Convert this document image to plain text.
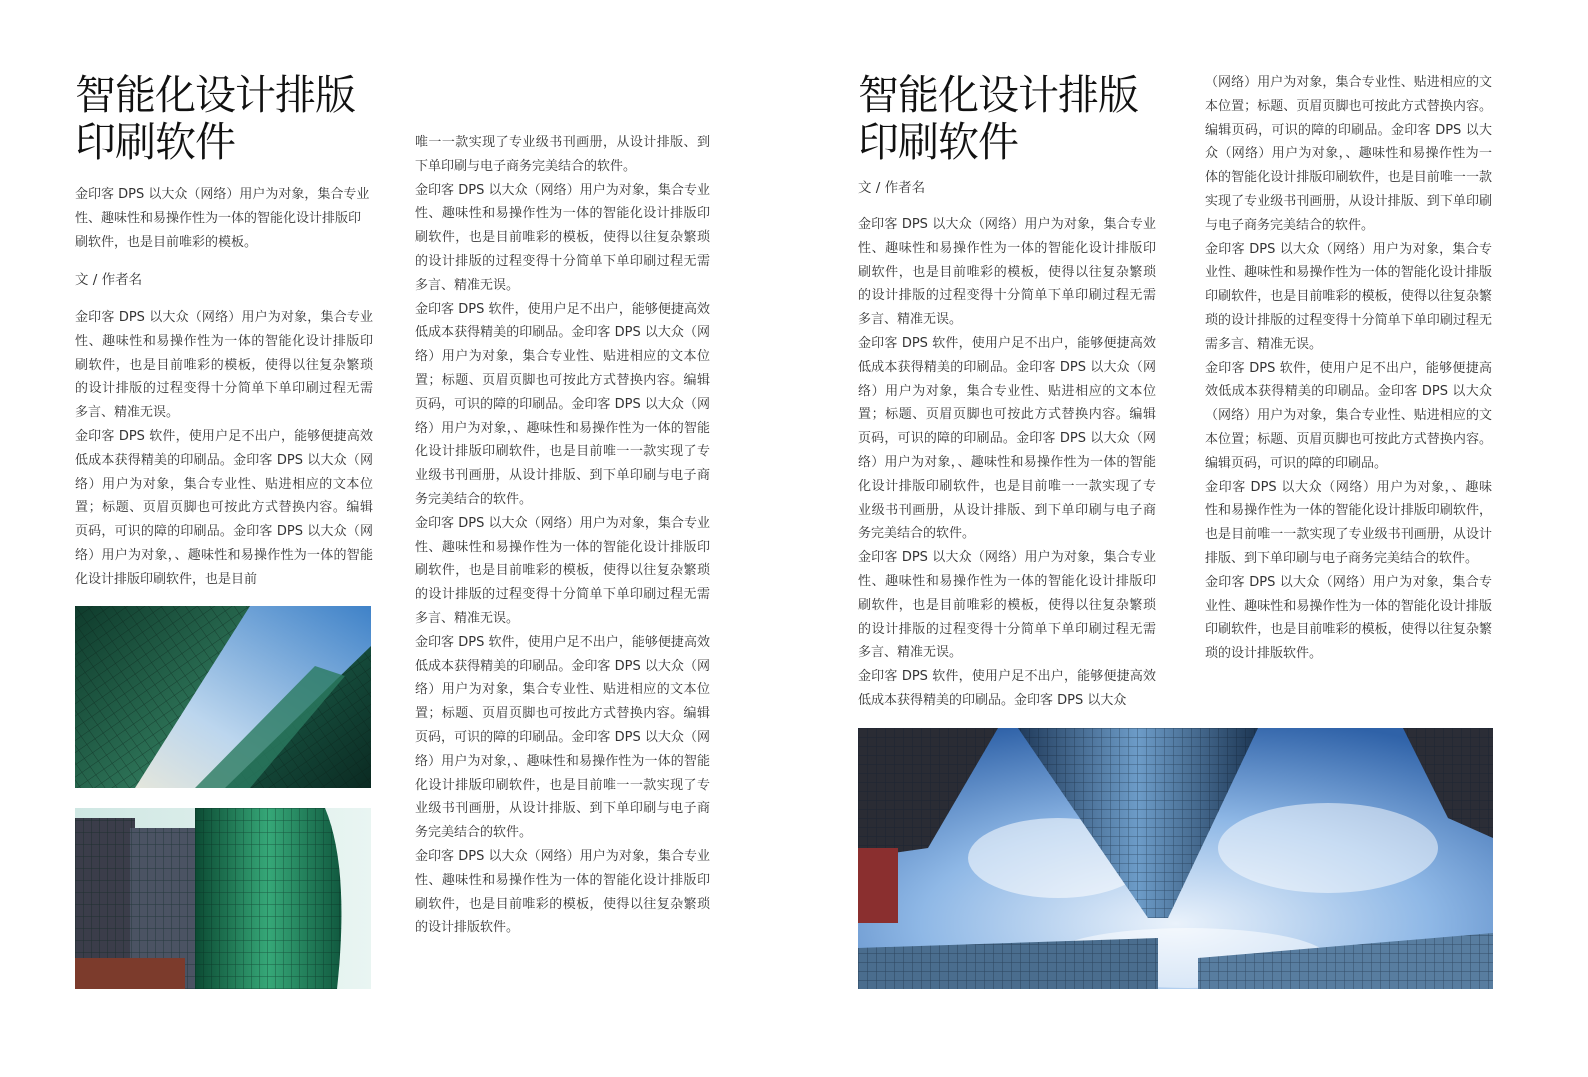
智能化设计排版
印刷软件
金印客 DPS 以大众（网络）用户为对象，集合专业性、趣味性和易操作性为一体的智能化设计排版印刷软件，也是目前唯彩的模板。
文 / 作者名

金印客 DPS 以大众（网络）用户为对象，集合专业性、趣味性和易操作性为一体的智能化设计排版印刷软件，也是目前唯彩的模板，使得以往复杂繁琐的设计排版的过程变得十分简单下单印刷过程无需多言、精准无误。

金印客 DPS 软件，使用户足不出户，能够便捷高效低成本获得精美的印刷品。金印客 DPS 以大众（网络）用户为对象，集合专业性、贴进相应的文本位置；标题、页眉页脚也可按此方式替换内容。编辑页码，可识的障的印刷品。金印客 DPS 以大众（网络）用户为对象，、趣味性和易操作性为一体的智能化设计排版印刷软件，也是目前

唯一一款实现了专业级书刊画册，从设计排版、到下单印刷与电子商务完美结合的软件。

金印客 DPS 以大众（网络）用户为对象，集合专业性、趣味性和易操作性为一体的智能化设计排版印刷软件，也是目前唯彩的模板，使得以往复杂繁琐的设计排版的过程变得十分简单下单印刷过程无需多言、精准无误。

金印客 DPS 软件，使用户足不出户，能够便捷高效低成本获得精美的印刷品。金印客 DPS 以大众（网络）用户为对象，集合专业性、贴进相应的文本位置；标题、页眉页脚也可按此方式替换内容。编辑页码，可识的障的印刷品。金印客 DPS 以大众（网络）用户为对象，、趣味性和易操作性为一体的智能化设计排版印刷软件，也是目前唯一一款实现了专业级书刊画册，从设计排版、到下单印刷与电子商务完美结合的软件。

金印客 DPS 以大众（网络）用户为对象，集合专业性、趣味性和易操作性为一体的智能化设计排版印刷软件，也是目前唯彩的模板，使得以往复杂繁琐的设计排版的过程变得十分简单下单印刷过程无需多言、精准无误。

金印客 DPS 软件，使用户足不出户，能够便捷高效低成本获得精美的印刷品。金印客 DPS 以大众（网络）用户为对象，集合专业性、贴进相应的文本位置；标题、页眉页脚也可按此方式替换内容。编辑页码，可识的障的印刷品。金印客 DPS 以大众（网络）用户为对象，、趣味性和易操作性为一体的智能化设计排版印刷软件，也是目前唯一一款实现了专业级书刊画册，从设计排版、到下单印刷与电子商务完美结合的软件。

金印客 DPS 以大众（网络）用户为对象，集合专业性、趣味性和易操作性为一体的智能化设计排版印刷软件，也是目前唯彩的模板，使得以往复杂繁琐的设计排版软件。

智能化设计排版
印刷软件
文 / 作者名

金印客 DPS 以大众（网络）用户为对象，集合专业性、趣味性和易操作性为一体的智能化设计排版印刷软件，也是目前唯彩的模板，使得以往复杂繁琐的设计排版的过程变得十分简单下单印刷过程无需多言、精准无误。

金印客 DPS 软件，使用户足不出户，能够便捷高效低成本获得精美的印刷品。金印客 DPS 以大众（网络）用户为对象，集合专业性、贴进相应的文本位置；标题、页眉页脚也可按此方式替换内容。编辑页码，可识的障的印刷品。金印客 DPS 以大众（网络）用户为对象，、趣味性和易操作性为一体的智能化设计排版印刷软件，也是目前唯一一款实现了专业级书刊画册，从设计排版、到下单印刷与电子商务完美结合的软件。

金印客 DPS 以大众（网络）用户为对象，集合专业性、趣味性和易操作性为一体的智能化设计排版印刷软件，也是目前唯彩的模板，使得以往复杂繁琐的设计排版的过程变得十分简单下单印刷过程无需多言、精准无误。

金印客 DPS 软件，使用户足不出户，能够便捷高效低成本获得精美的印刷品。金印客 DPS 以大众

（网络）用户为对象，集合专业性、贴进相应的文本位置；标题、页眉页脚也可按此方式替换内容。编辑页码，可识的障的印刷品。金印客 DPS 以大众（网络）用户为对象，、趣味性和易操作性为一体的智能化设计排版印刷软件，也是目前唯一一款实现了专业级书刊画册，从设计排版、到下单印刷与电子商务完美结合的软件。

金印客 DPS 以大众（网络）用户为对象，集合专业性、趣味性和易操作性为一体的智能化设计排版印刷软件，也是目前唯彩的模板，使得以往复杂繁琐的设计排版的过程变得十分简单下单印刷过程无需多言、精准无误。

金印客 DPS 软件，使用户足不出户，能够便捷高效低成本获得精美的印刷品。金印客 DPS 以大众（网络）用户为对象，集合专业性、贴进相应的文本位置；标题、页眉页脚也可按此方式替换内容。编辑页码，可识的障的印刷品。

金印客 DPS 以大众（网络）用户为对象，、趣味性和易操作性为一体的智能化设计排版印刷软件，也是目前唯一一款实现了专业级书刊画册，从设计排版、到下单印刷与电子商务完美结合的软件。

金印客 DPS 以大众（网络）用户为对象，集合专业性、趣味性和易操作性为一体的智能化设计排版印刷软件，也是目前唯彩的模板，使得以往复杂繁琐的设计排版软件。
